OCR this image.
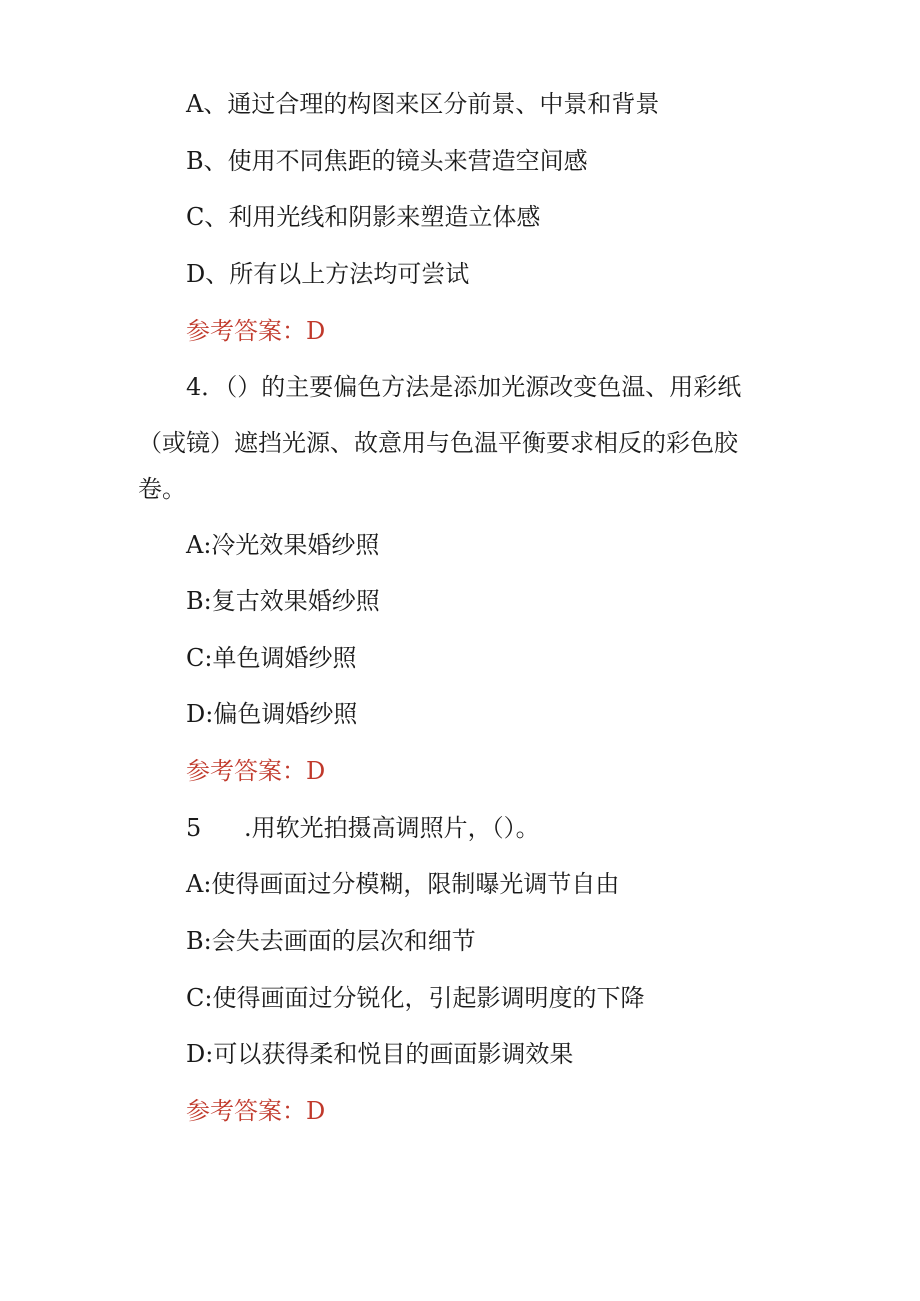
A、通过合理的构图来区分前景、中景和背景
B、使用不同焦距的镜头来营造空间感
C、利用光线和阴影来塑造立体感
D、所有以上方法均可尝试
参考答案：D
4．（）的主要偏色方法是添加光源改变色温、用彩纸
（或镜）遮挡光源、故意用与色温平衡要求相反的彩色胶
卷。
A:冷光效果婚纱照
B:复古效果婚纱照
C:单色调婚纱照
D:偏色调婚纱照
参考答案：D
5 .用软光拍摄高调照片，（）。
A:使得画面过分模糊，限制曝光调节自由
B:会失去画面的层次和细节
C:使得画面过分锐化，引起影调明度的下降
D:可以获得柔和悦目的画面影调效果
参考答案：D
